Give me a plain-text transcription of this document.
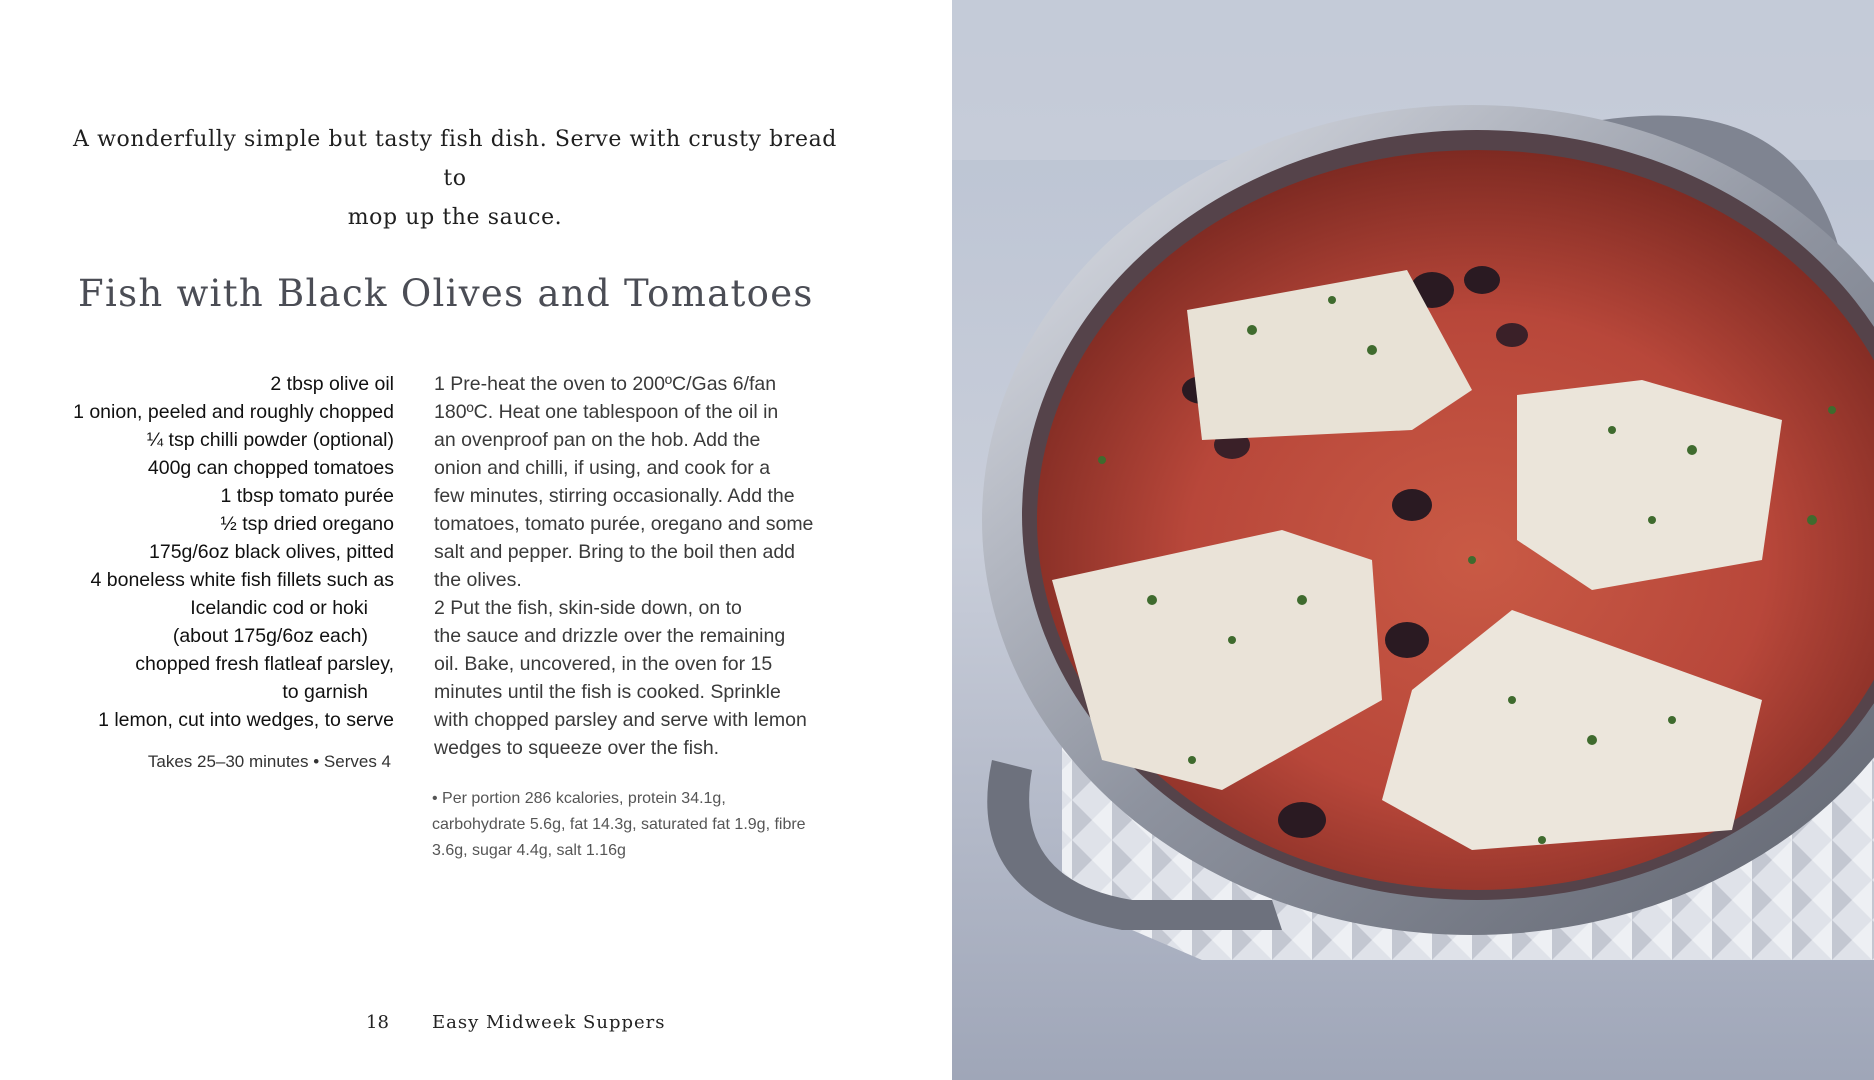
A wonderfully simple but tasty fish dish. Serve with crusty bread to
mop up the sauce.
Fish with Black Olives and Tomatoes
2 tbsp olive oil
1 onion, peeled and roughly chopped
¼ tsp chilli powder (optional)
400g can chopped tomatoes
1 tbsp tomato purée
½ tsp dried oregano
175g/6oz black olives, pitted
4 boneless white fish fillets such as
Icelandic cod or hoki
(about 175g/6oz each)
chopped fresh flatleaf parsley,
to garnish
1 lemon, cut into wedges, to serve
Takes 25–30 minutes • Serves 4
1 Pre-heat the oven to 200ºC/Gas 6/fan
180ºC. Heat one tablespoon of the oil in
an ovenproof pan on the hob. Add the
onion and chilli, if using, and cook for a
few minutes, stirring occasionally. Add the
tomatoes, tomato purée, oregano and some
salt and pepper. Bring to the boil then add
the olives.
2 Put the fish, skin-side down, on to
the sauce and drizzle over the remaining
oil. Bake, uncovered, in the oven for 15
minutes until the fish is cooked. Sprinkle
with chopped parsley and serve with lemon
wedges to squeeze over the fish.
• Per portion 286 kcalories, protein 34.1g,
carbohydrate 5.6g, fat 14.3g, saturated fat 1.9g, fibre
3.6g, sugar 4.4g, salt 1.16g
18 Easy Midweek Suppers
